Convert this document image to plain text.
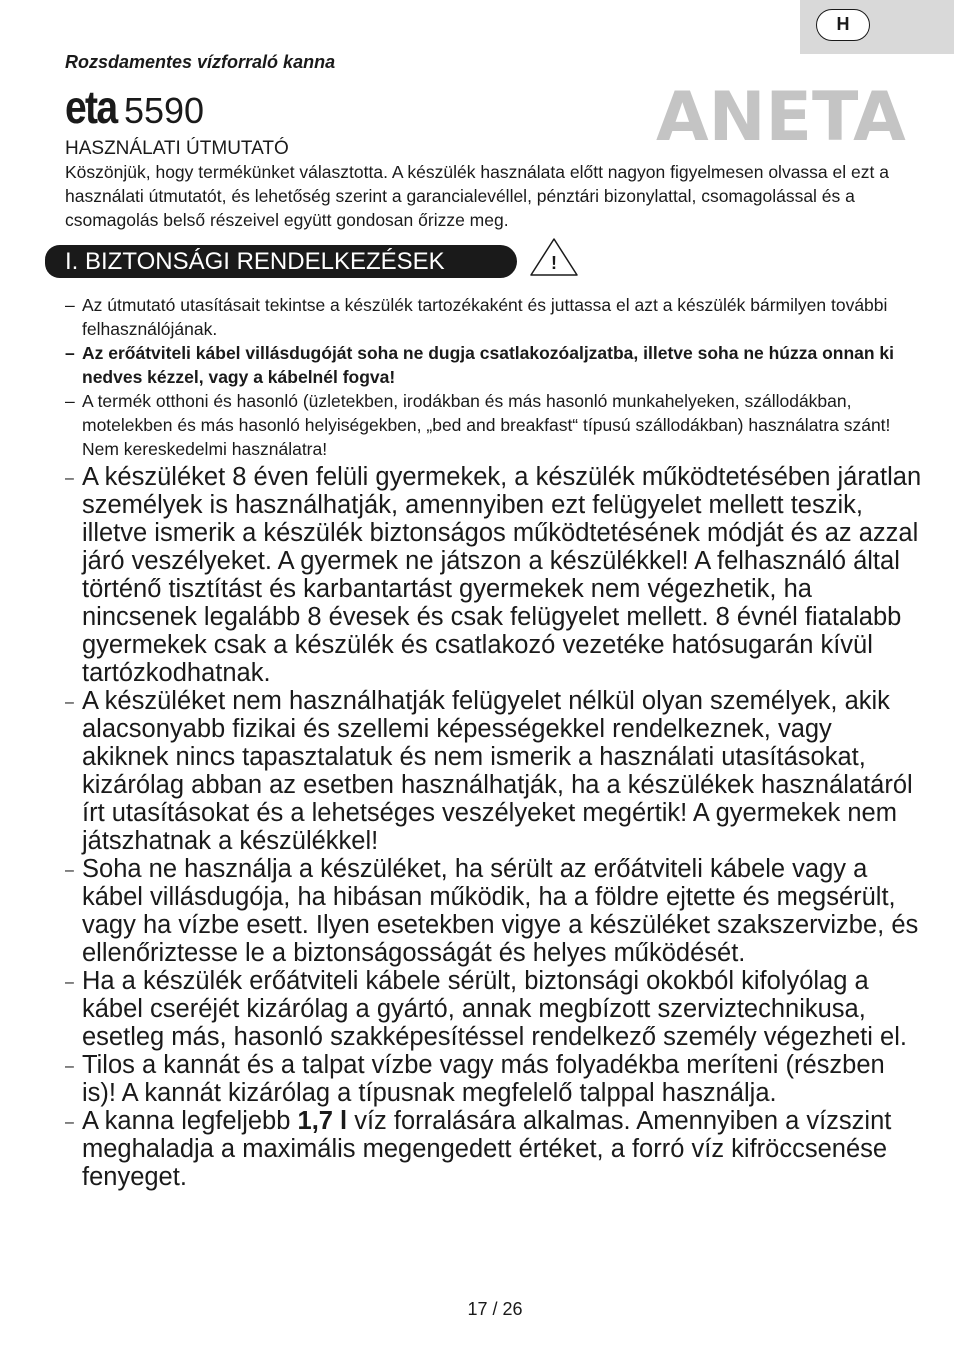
H
Rozsdamentes vízforraló kanna
eta 5590	ANETA
HASZNÁLATI ÚTMUTATÓ

Köszönjük, hogy termékünket választotta. A készülék használata előtt nagyon figyelmesen olvassa el ezt a használati útmutatót, és lehetőség szerint a garancialevéllel, pénztári bizonylattal, csomagolással és a csomagolás belső részeivel együtt gondosan őrizze meg.

I. BIZTONSÁGI RENDELKEZÉSEK	!
– Az útmutató utasításait tekintse a készülék tartozékaként és juttassa el azt a készülék bármilyen további felhasználójának.
– Az erőátviteli kábel villásdugóját soha ne dugja csatlakozóaljzatba, illetve soha ne húzza onnan ki nedves kézzel, vagy a kábelnél fogva!
– A termék otthoni és hasonló (üzletekben, irodákban és más hasonló munkahelyeken, szállodákban, motelekben és más hasonló helyiségekben, „bed and breakfast“ típusú szállodákban) használatra szánt! Nem kereskedelmi használatra!
– A készüléket 8 éven felüli gyermekek, a készülék működtetésében járatlan személyek is használhatják, amennyiben ezt felügyelet mellett teszik, illetve ismerik a készülék biztonságos működtetésének módját és az azzal járó veszélyeket. A gyermek ne játszon a készülékkel! A felhasználó által történő tisztítást és karbantartást gyermekek nem végezhetik, ha nincsenek legalább 8 évesek és csak felügyelet mellett. 8 évnél fiatalabb gyermekek csak a készülék és csatlakozó vezetéke hatósugarán kívül tartózkodhatnak.
– A készüléket nem használhatják felügyelet nélkül olyan személyek, akik alacsonyabb fizikai és szellemi képességekkel rendelkeznek, vagy akiknek nincs tapasztalatuk és nem ismerik a használati utasításokat, kizárólag abban az esetben használhatják, ha a készülékek használatáról írt utasításokat és a lehetséges veszélyeket megértik! A gyermekek nem játszhatnak a készülékkel!
– Soha ne használja a készüléket, ha sérült az erőátviteli kábele vagy a kábel villásdugója, ha hibásan működik, ha a földre ejtette és megsérült, vagy ha vízbe esett. Ilyen esetekben vigye a készüléket szakszervizbe, és ellenőriztesse le a biztonságosságát és helyes működését.
– Ha a készülék erőátviteli kábele sérült, biztonsági okokból kifolyólag a kábel cseréjét kizárólag a gyártó, annak megbízott szerviztechnikusa, esetleg más, hasonló szakképesítéssel rendelkező személy végezheti el.
– Tilos a kannát és a talpat vízbe vagy más folyadékba meríteni (részben is)! A kannát kizárólag a típusnak megfelelő talppal használja.
– A kanna legfeljebb 1,7 l víz forralására alkalmas. Amennyiben a vízszint meghaladja a maximális megengedett értéket, a forró víz kifröccsenése fenyeget.
17 / 26
